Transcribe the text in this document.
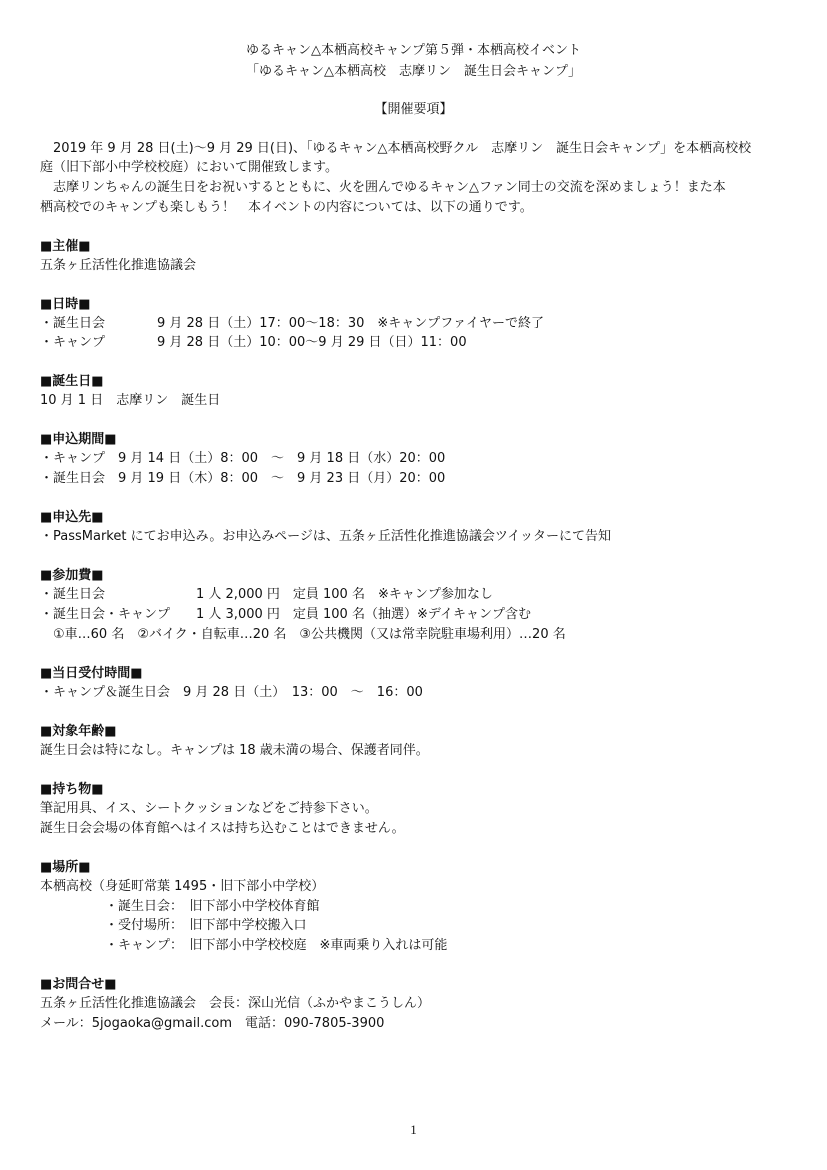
ゆるキャン△本栖高校キャンプ第５弾・本栖高校イベント
「ゆるキャン△本栖高校　志摩リン　誕生日会キャンプ」
【開催要項】
　2019 年 9 月 28 日(土)～9 月 29 日(日)、「ゆるキャン△本栖高校野クル　志摩リン　誕生日会キャンプ」を本栖高校校
庭（旧下部小中学校校庭）において開催致します。
　志摩リンちゃんの誕生日をお祝いするとともに、火を囲んでゆるキャン△ファン同士の交流を深めましょう！また本
栖高校でのキャンプも楽しもう！　本イベントの内容については、以下の通りです。
■主催■
五条ヶ丘活性化推進協議会
■日時■
・誕生日会　　　　9 月 28 日（土）17：00～18：30　※キャンプファイヤーで終了
・キャンプ　　　　9 月 28 日（土）10：00～9 月 29 日（日）11：00
■誕生日■
10 月 1 日　志摩リン　誕生日
■申込期間■
・キャンプ　9 月 14 日（土）8：00　～　9 月 18 日（水）20：00
・誕生日会　9 月 19 日（木）8：00　～　9 月 23 日（月）20：00
■申込先■
・PassMarket にてお申込み。お申込みページは、五条ヶ丘活性化推進協議会ツイッターにて告知
■参加費■
・誕生日会　　　　　　　1 人 2,000 円　定員 100 名　※キャンプ参加なし
・誕生日会・キャンプ　　1 人 3,000 円　定員 100 名（抽選）※デイキャンプ含む
　①車…60 名　②バイク・自転車…20 名　③公共機関（又は常幸院駐車場利用）…20 名
■当日受付時間■
・キャンプ＆誕生日会　9 月 28 日（土）　13：00　～　16：00
■対象年齢■
誕生日会は特になし。キャンプは 18 歳未満の場合、保護者同伴。
■持ち物■
筆記用具、イス、シートクッションなどをご持参下さい。
誕生日会会場の体育館へはイスは持ち込むことはできません。
■場所■
本栖高校（身延町常葉 1495・旧下部小中学校）
　　　　　・誕生日会：　旧下部小中学校体育館
　　　　　・受付場所：　旧下部中学校搬入口
　　　　　・キャンプ：　旧下部小中学校校庭　※車両乗り入れは可能
■お問合せ■
五条ヶ丘活性化推進協議会　会長：深山光信（ふかやまこうしん）
メール：5jogaoka@gmail.com　電話：090-7805-3900
1
